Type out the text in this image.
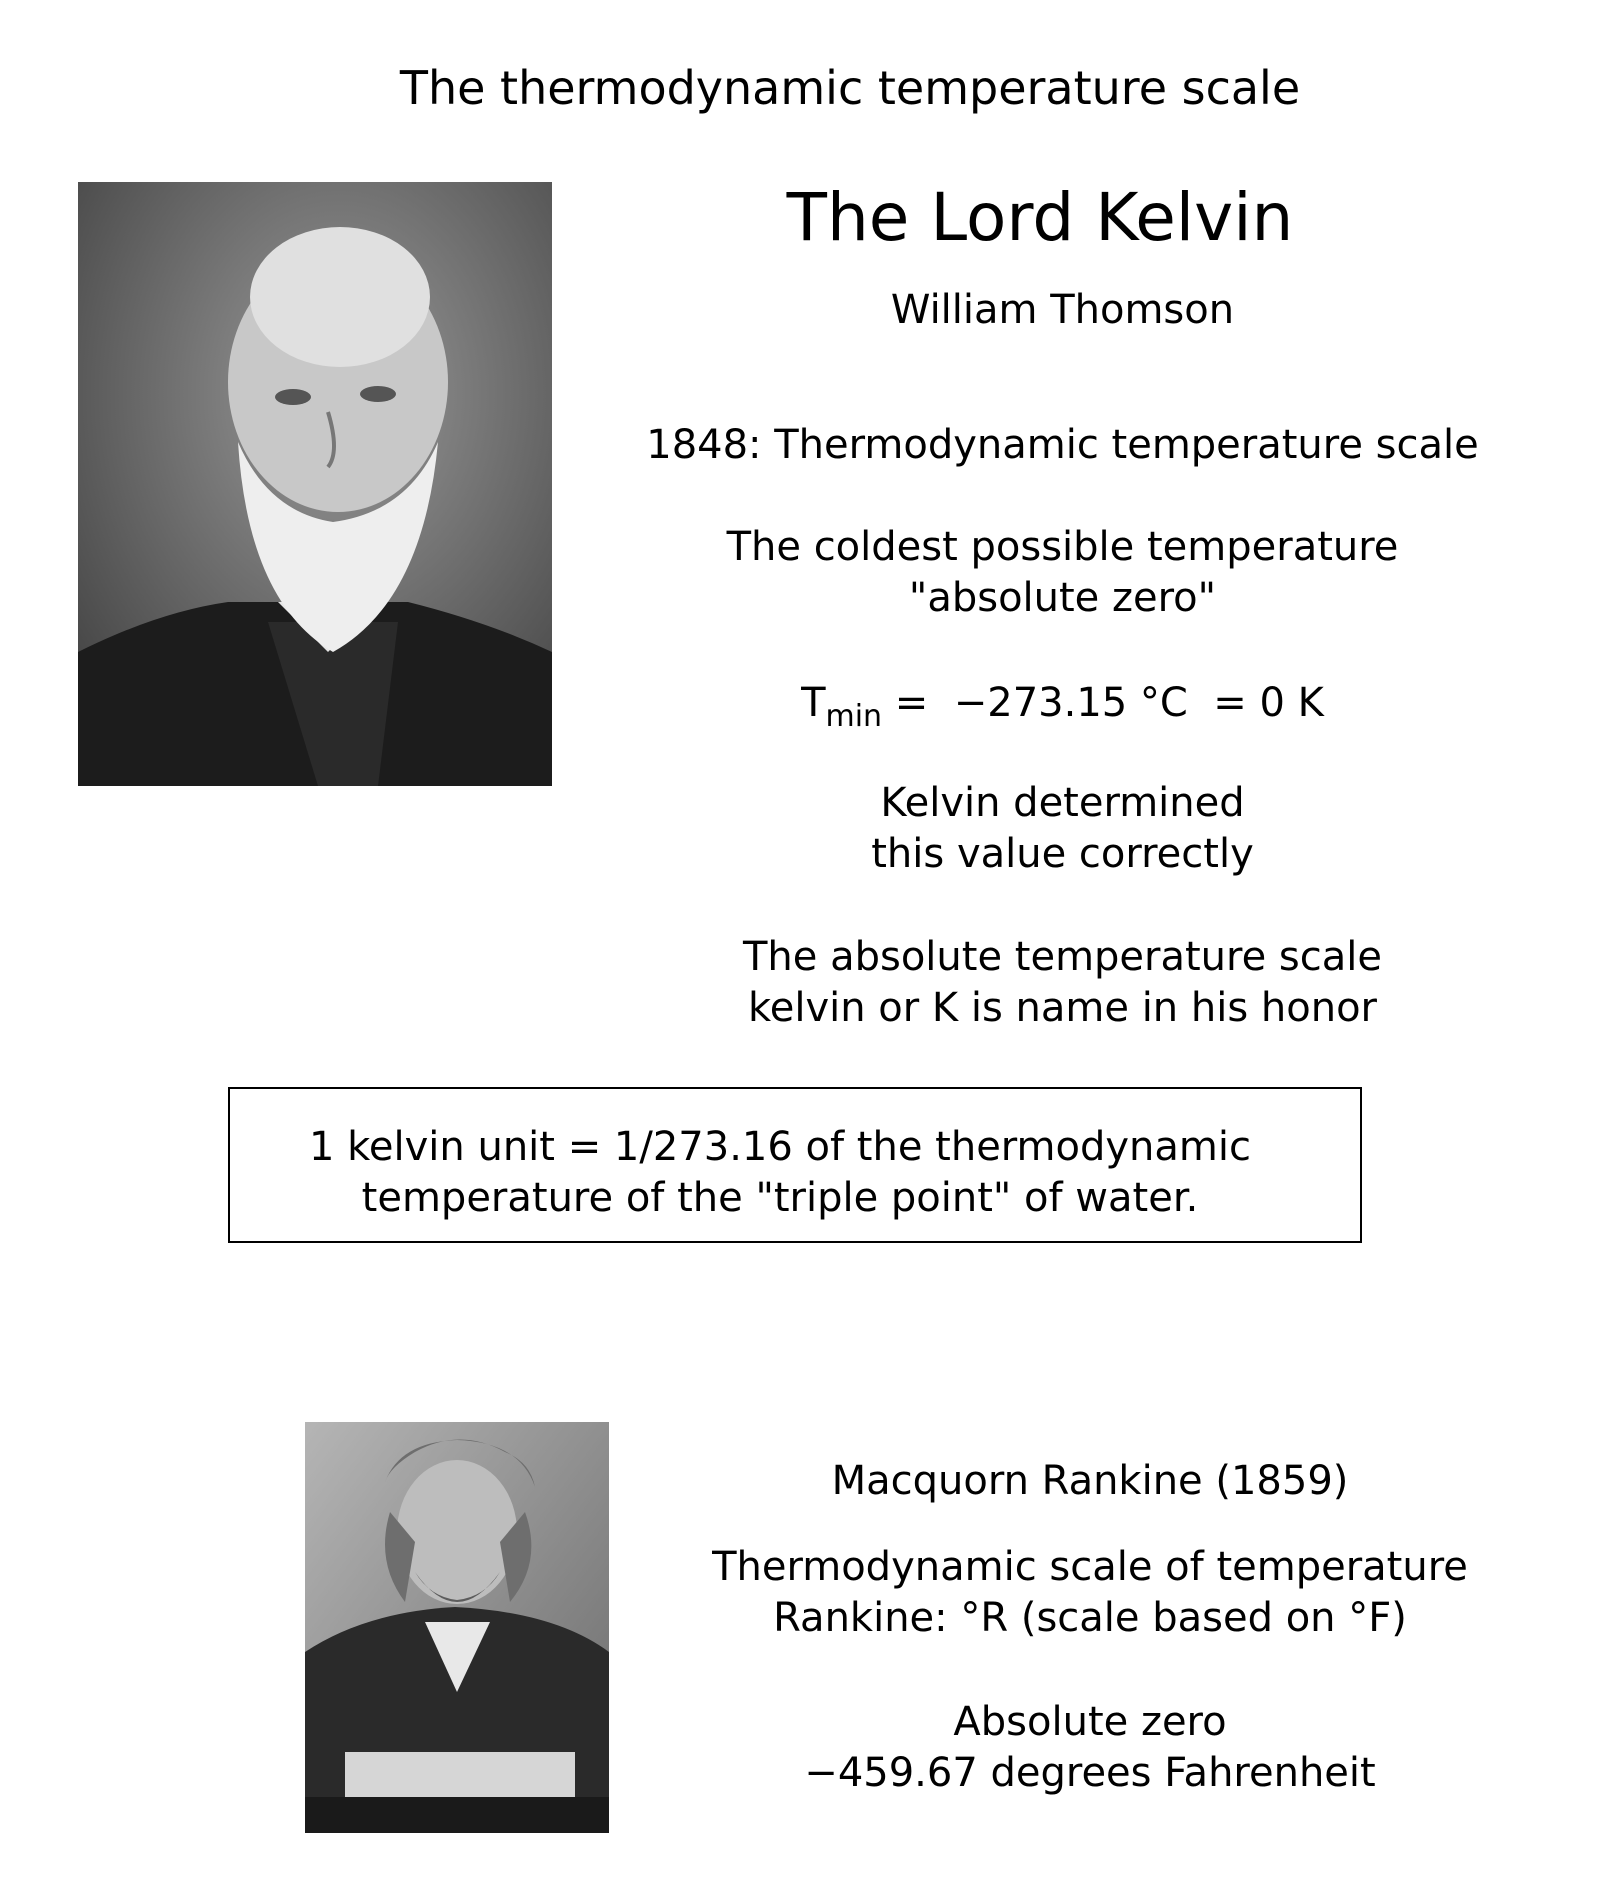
The thermodynamic temperature scale
The Lord Kelvin
William Thomson
1848: Thermodynamic temperature scale
The coldest possible temperature
"absolute zero"
$T_{min} = -273.15$ °C  = 0 K
Kelvin determined
this value correctly
The absolute temperature scale
kelvin or K is name in his honor
1 kelvin unit = 1/273.16 of the thermodynamic
temperature of the "triple point" of water.
Macquorn Rankine (1859)
Thermodynamic scale of temperature
Rankine: °R (scale based on °F)
Absolute zero
−459.67 degrees Fahrenheit
